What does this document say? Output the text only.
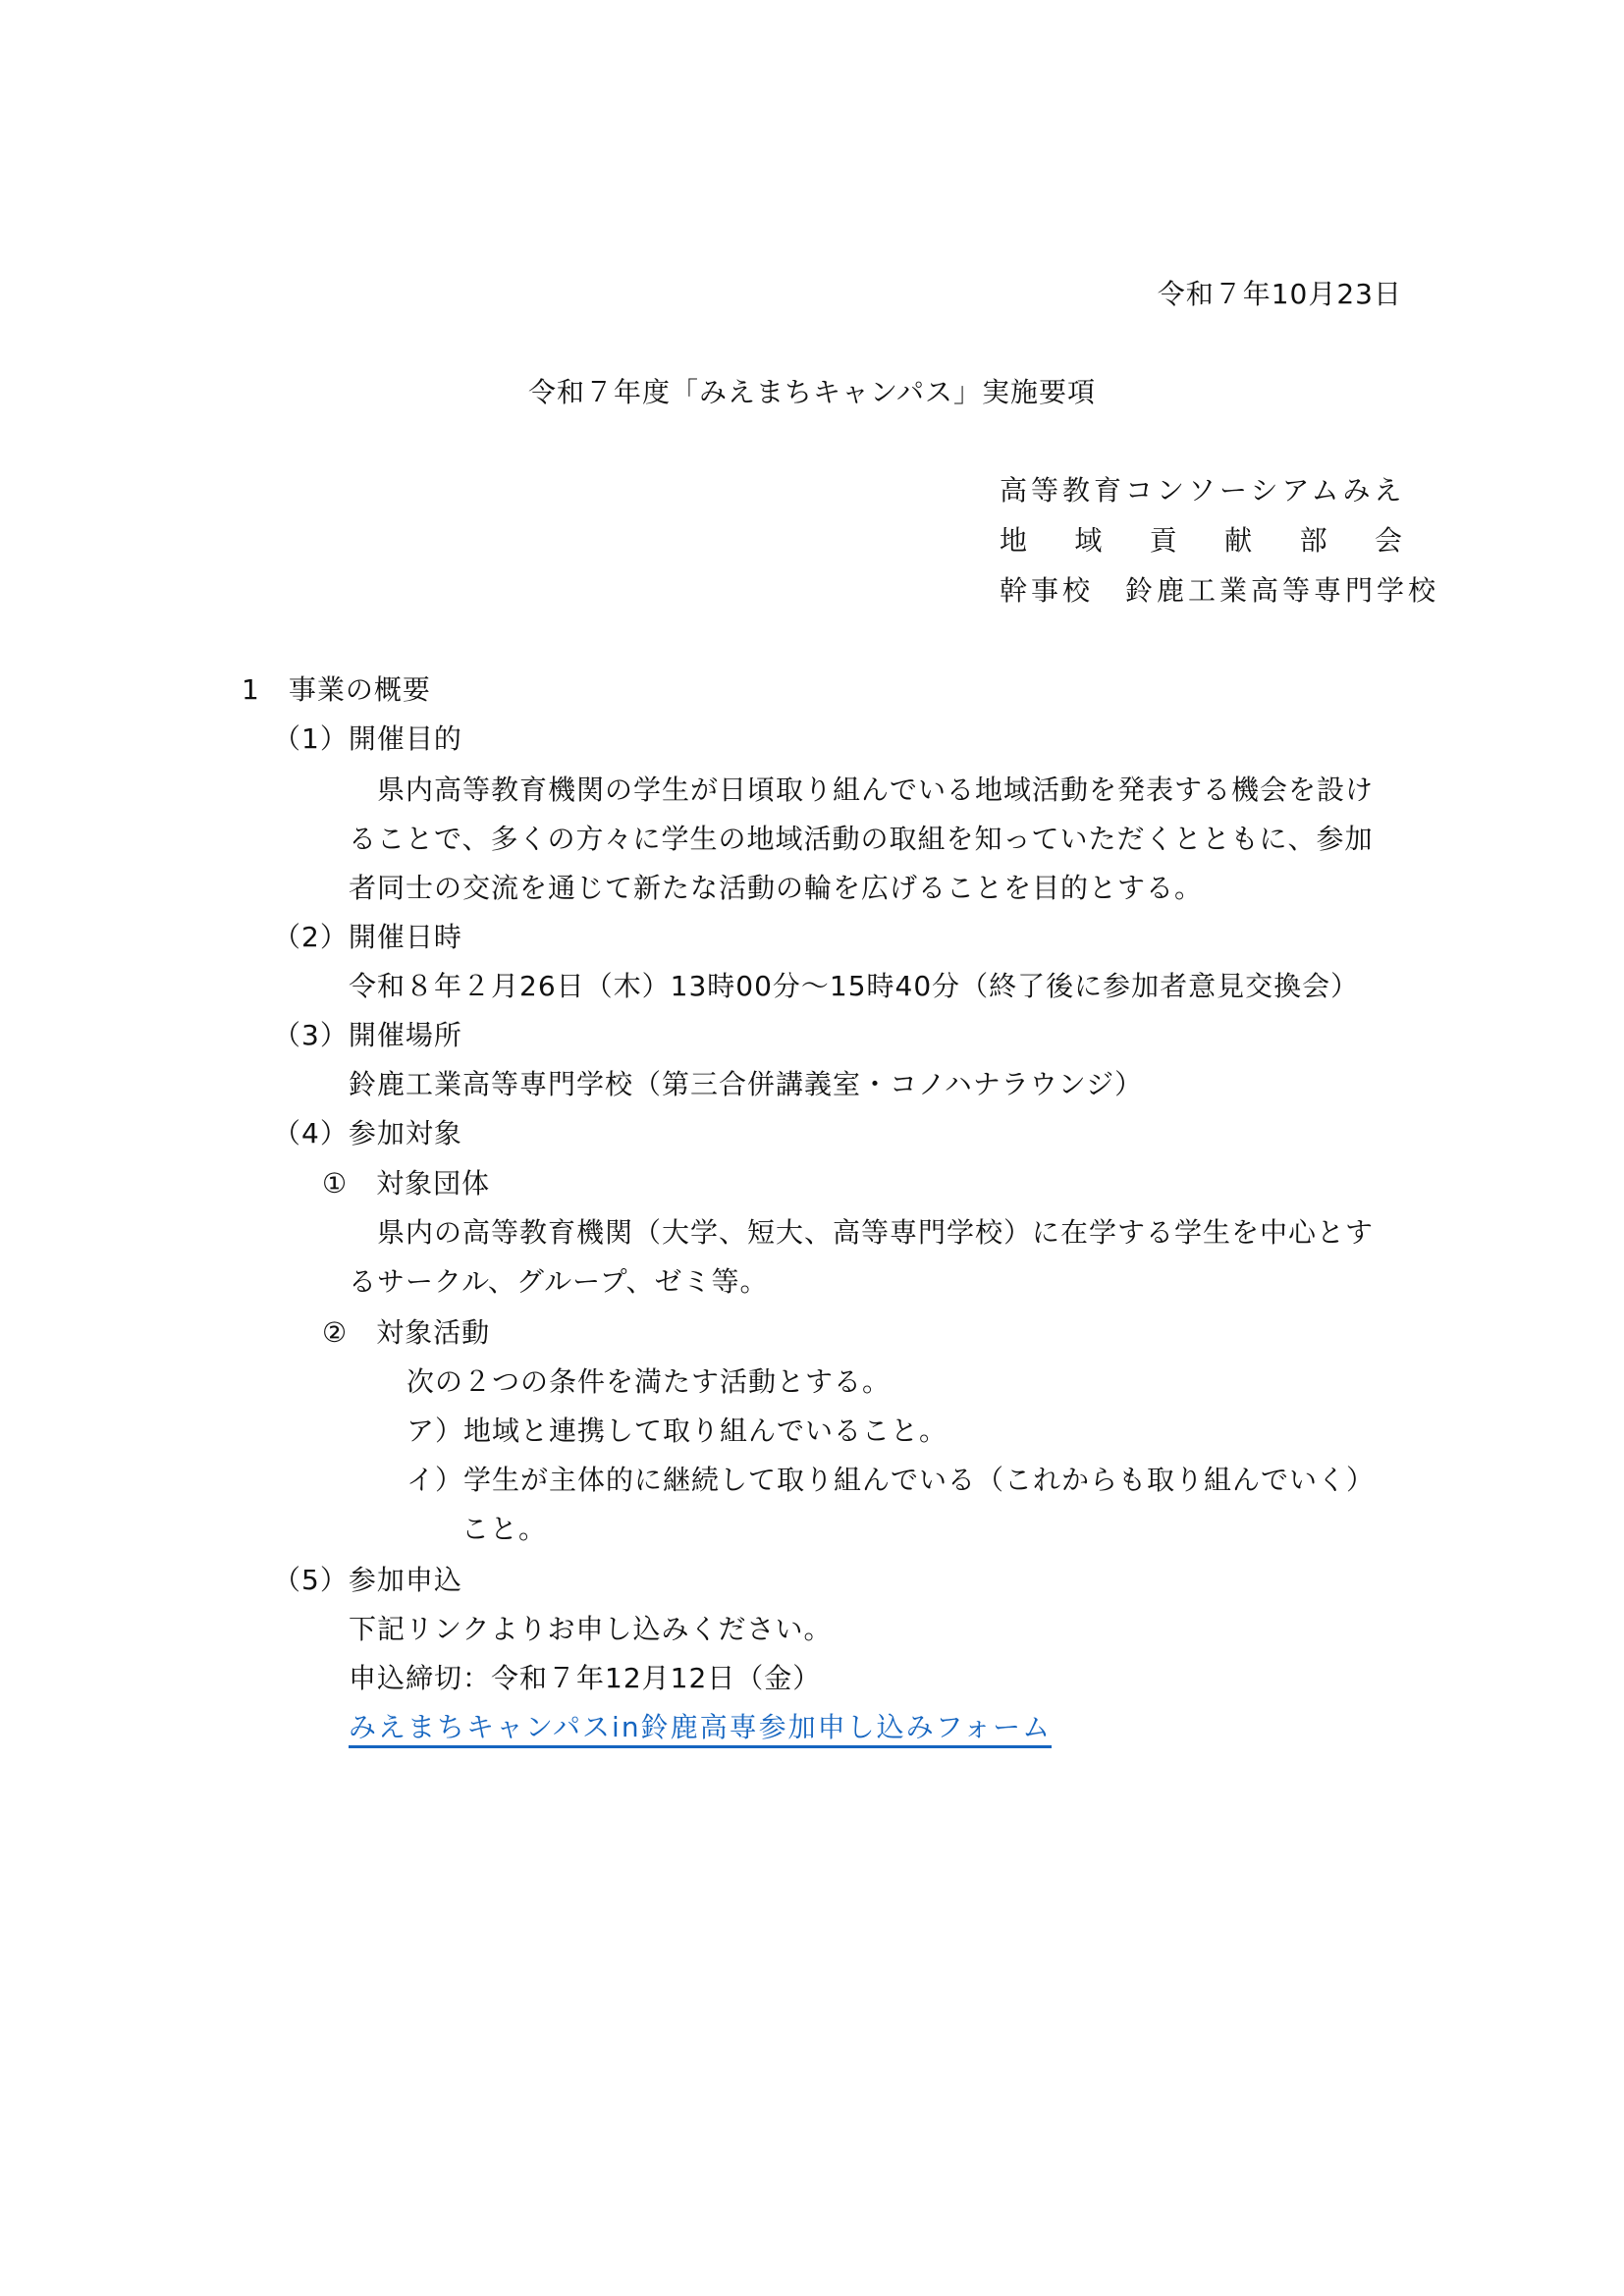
令和７年10月23日
令和７年度「みえまちキャンパス」実施要項
高等教育コンソーシアムみえ
地 域 貢 献 部 会
幹事校　鈴鹿工業高等専門学校
1　事業の概要
（1）開催目的
県内高等教育機関の学生が日頃取り組んでいる地域活動を発表する機会を設け
ることで、多くの方々に学生の地域活動の取組を知っていただくとともに、参加
者同士の交流を通じて新たな活動の輪を広げることを目的とする。
（2）開催日時
令和８年２月26日（木）13時00分～15時40分（終了後に参加者意見交換会）
（3）開催場所
鈴鹿工業高等専門学校（第三合併講義室・コノハナラウンジ）
（4）参加対象
①　対象団体
県内の高等教育機関（大学、短大、高等専門学校）に在学する学生を中心とす
るサークル、グループ、ゼミ等。
②　対象活動
次の２つの条件を満たす活動とする。
ア）地域と連携して取り組んでいること。
イ）学生が主体的に継続して取り組んでいる（これからも取り組んでいく）
こと。
（5）参加申込
下記リンクよりお申し込みください。
申込締切：令和７年12月12日（金）
みえまちキャンパスin鈴鹿高専参加申し込みフォーム
